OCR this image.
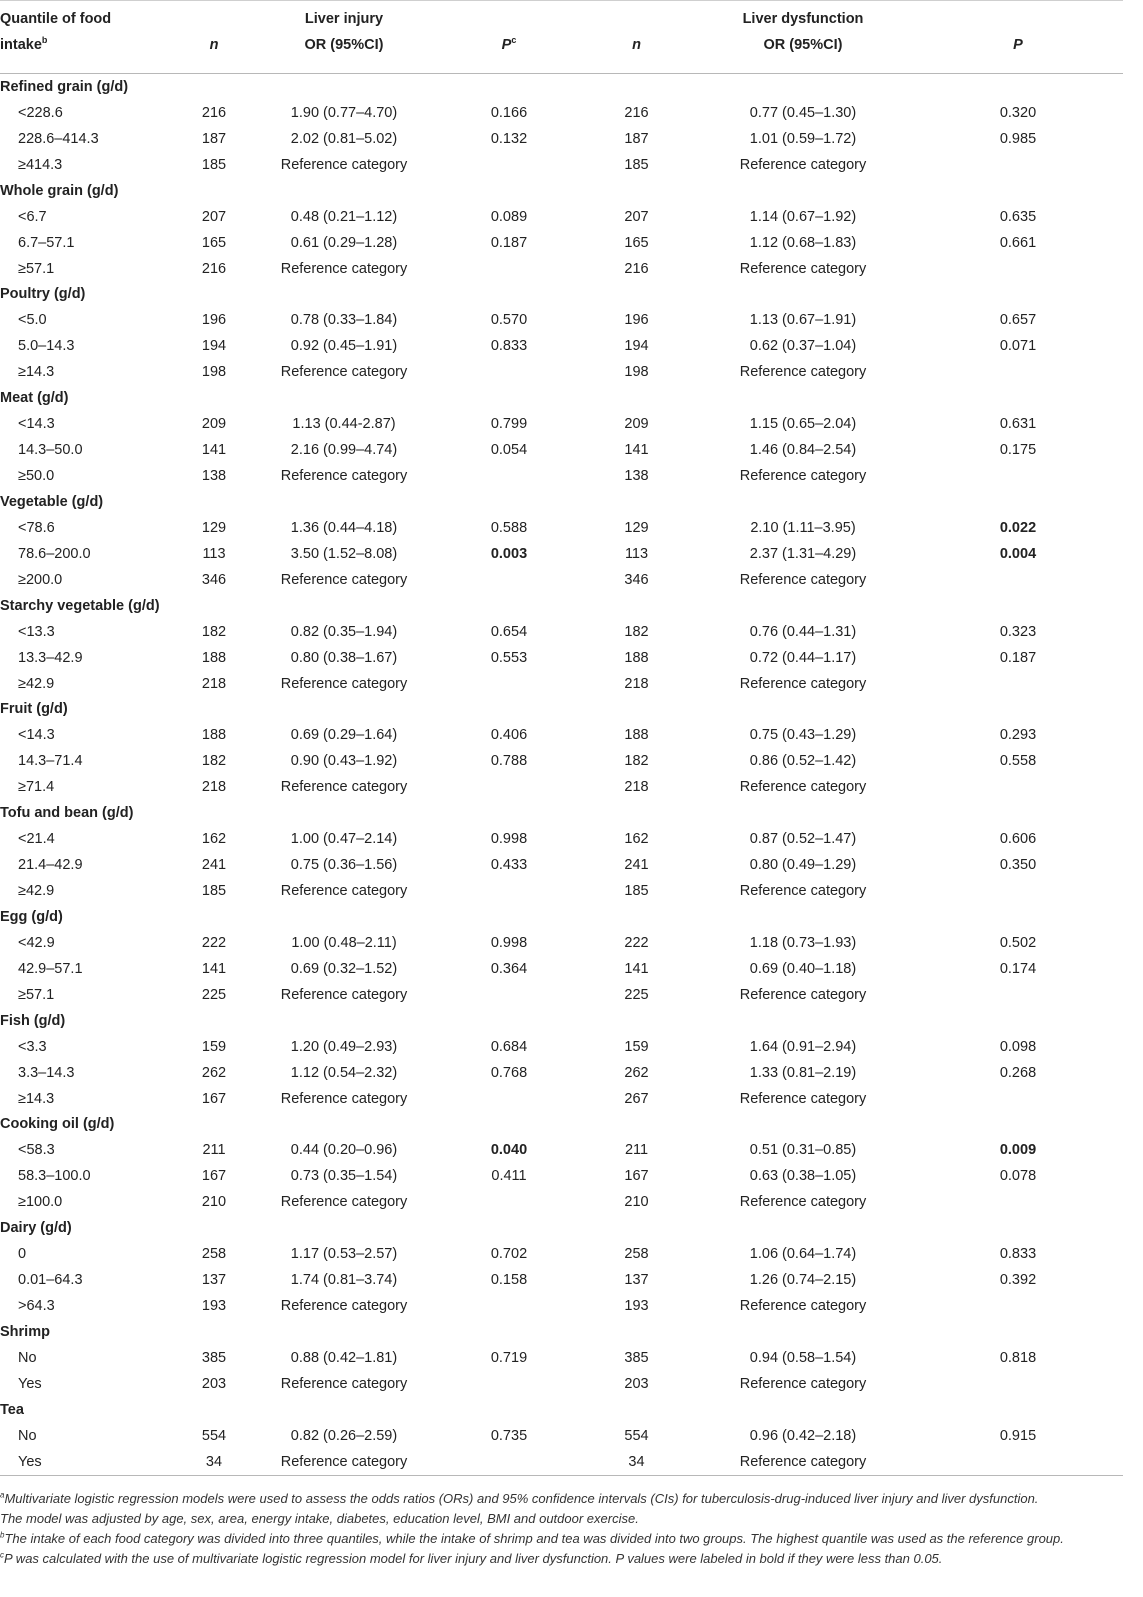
Quantile of food		Liver injury			Liver dysfunction	
intake$^b$	n	OR (95%CI)	$P^c$	n	OR (95%CI)	P
Refined grain (g/d)						
<228.6	216	1.90 (0.77–4.70)	0.166	216	0.77 (0.45–1.30)	0.320
228.6–414.3	187	2.02 (0.81–5.02)	0.132	187	1.01 (0.59–1.72)	0.985
≥414.3	185	Reference category		185	Reference category	
Whole grain (g/d)						
<6.7	207	0.48 (0.21–1.12)	0.089	207	1.14 (0.67–1.92)	0.635
6.7–57.1	165	0.61 (0.29–1.28)	0.187	165	1.12 (0.68–1.83)	0.661
≥57.1	216	Reference category		216	Reference category	
Poultry (g/d)						
<5.0	196	0.78 (0.33–1.84)	0.570	196	1.13 (0.67–1.91)	0.657
5.0–14.3	194	0.92 (0.45–1.91)	0.833	194	0.62 (0.37–1.04)	0.071
≥14.3	198	Reference category		198	Reference category	
Meat (g/d)						
<14.3	209	1.13 (0.44-2.87)	0.799	209	1.15 (0.65–2.04)	0.631
14.3–50.0	141	2.16 (0.99–4.74)	0.054	141	1.46 (0.84–2.54)	0.175
≥50.0	138	Reference category		138	Reference category	
Vegetable (g/d)						
<78.6	129	1.36 (0.44–4.18)	0.588	129	2.10 (1.11–3.95)	0.022
78.6–200.0	113	3.50 (1.52–8.08)	0.003	113	2.37 (1.31–4.29)	0.004
≥200.0	346	Reference category		346	Reference category	
Starchy vegetable (g/d)						
<13.3	182	0.82 (0.35–1.94)	0.654	182	0.76 (0.44–1.31)	0.323
13.3–42.9	188	0.80 (0.38–1.67)	0.553	188	0.72 (0.44–1.17)	0.187
≥42.9	218	Reference category		218	Reference category	
Fruit (g/d)						
<14.3	188	0.69 (0.29–1.64)	0.406	188	0.75 (0.43–1.29)	0.293
14.3–71.4	182	0.90 (0.43–1.92)	0.788	182	0.86 (0.52–1.42)	0.558
≥71.4	218	Reference category		218	Reference category	
Tofu and bean (g/d)						
<21.4	162	1.00 (0.47–2.14)	0.998	162	0.87 (0.52–1.47)	0.606
21.4–42.9	241	0.75 (0.36–1.56)	0.433	241	0.80 (0.49–1.29)	0.350
≥42.9	185	Reference category		185	Reference category	
Egg (g/d)						
<42.9	222	1.00 (0.48–2.11)	0.998	222	1.18 (0.73–1.93)	0.502
42.9–57.1	141	0.69 (0.32–1.52)	0.364	141	0.69 (0.40–1.18)	0.174
≥57.1	225	Reference category		225	Reference category	
Fish (g/d)						
<3.3	159	1.20 (0.49–2.93)	0.684	159	1.64 (0.91–2.94)	0.098
3.3–14.3	262	1.12 (0.54–2.32)	0.768	262	1.33 (0.81–2.19)	0.268
≥14.3	167	Reference category		267	Reference category	
Cooking oil (g/d)						
<58.3	211	0.44 (0.20–0.96)	0.040	211	0.51 (0.31–0.85)	0.009
58.3–100.0	167	0.73 (0.35–1.54)	0.411	167	0.63 (0.38–1.05)	0.078
≥100.0	210	Reference category		210	Reference category	
Dairy (g/d)						
0	258	1.17 (0.53–2.57)	0.702	258	1.06 (0.64–1.74)	0.833
0.01–64.3	137	1.74 (0.81–3.74)	0.158	137	1.26 (0.74–2.15)	0.392
>64.3	193	Reference category		193	Reference category	
Shrimp						
No	385	0.88 (0.42–1.81)	0.719	385	0.94 (0.58–1.54)	0.818
Yes	203	Reference category		203	Reference category	
Tea						
No	554	0.82 (0.26–2.59)	0.735	554	0.96 (0.42–2.18)	0.915
Yes	34	Reference category		34	Reference category	

$^a$Multivariate logistic regression models were used to assess the odds ratios (ORs) and 95% confidence intervals (CIs) for tuberculosis-drug-induced liver injury and liver dysfunction.

The model was adjusted by age, sex, area, energy intake, diabetes, education level, BMI and outdoor exercise.

$^b$The intake of each food category was divided into three quantiles, while the intake of shrimp and tea was divided into two groups. The highest quantile was used as the reference group.

$^c$P was calculated with the use of multivariate logistic regression model for liver injury and liver dysfunction. P values were labeled in bold if they were less than 0.05.
